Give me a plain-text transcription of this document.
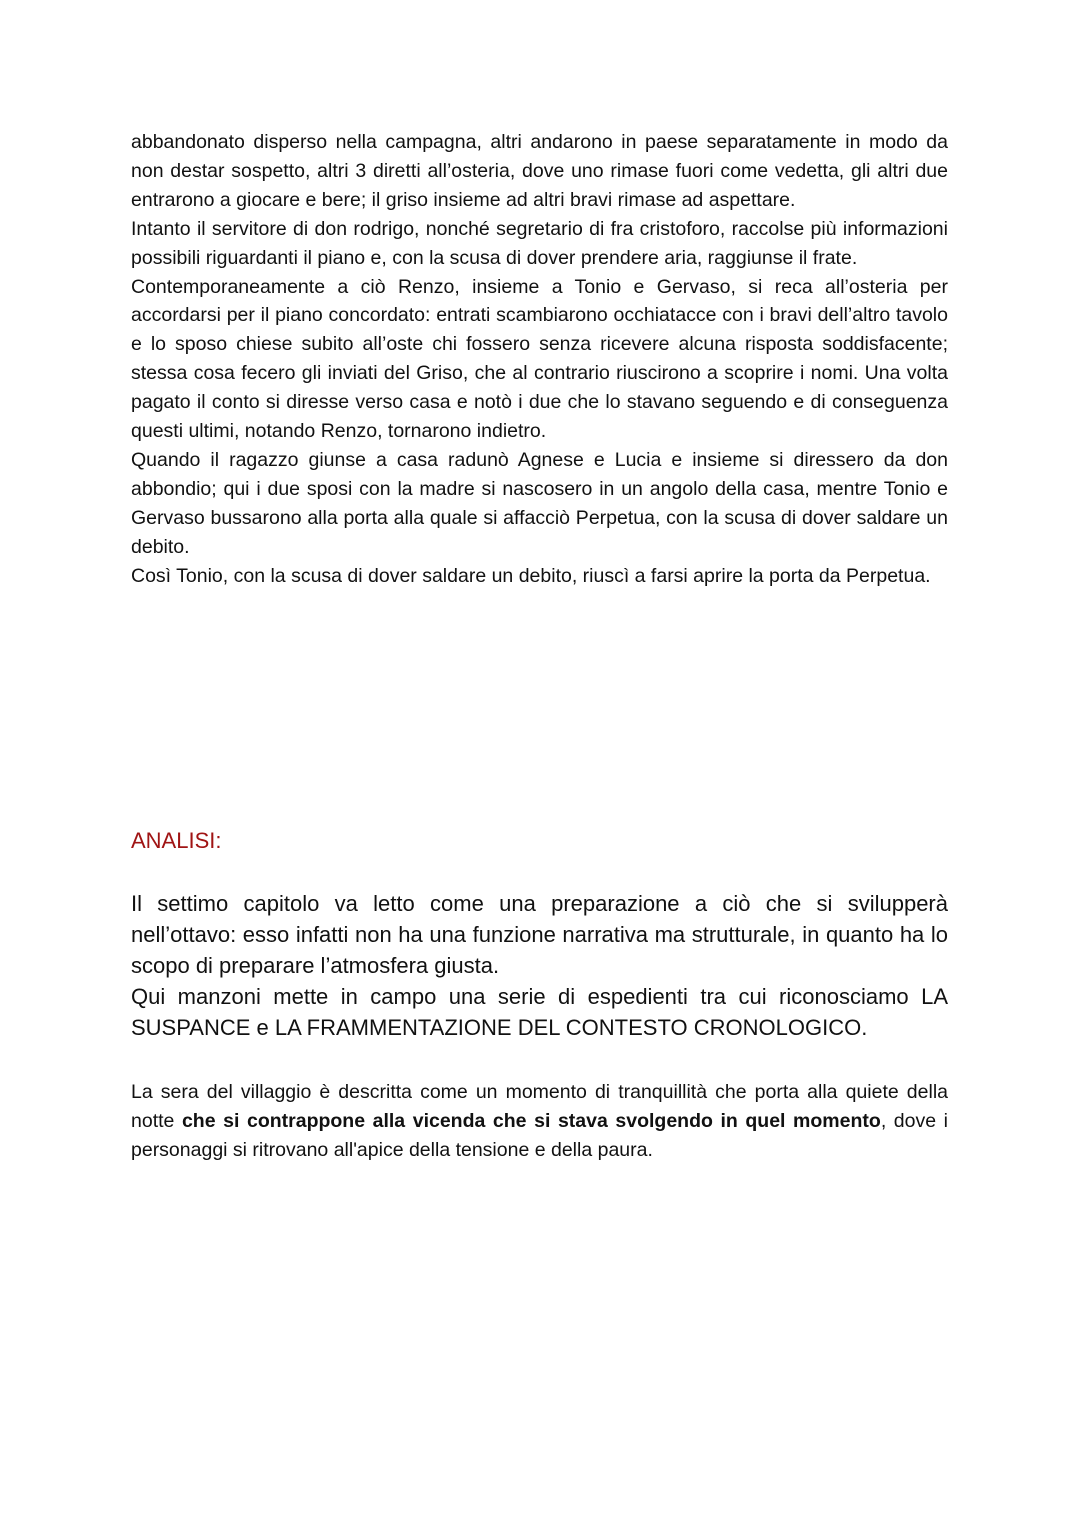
abbandonato disperso nella campagna, altri andarono in paese separatamente in modo da non destar sospetto, altri 3 diretti all’osteria, dove uno rimase fuori come vedetta, gli altri due entrarono a giocare e bere; il griso insieme ad altri bravi rimase ad aspettare.

Intanto il servitore di don rodrigo, nonché segretario di fra cristoforo, raccolse più informazioni possibili riguardanti il piano e, con la scusa di dover prendere aria, raggiunse il frate.

Contemporaneamente a ciò Renzo, insieme a Tonio e Gervaso, si reca all’osteria per accordarsi per il piano concordato: entrati scambiarono occhiatacce con i bravi dell’altro tavolo e lo sposo chiese subito all’oste chi fossero senza ricevere alcuna risposta soddisfacente; stessa cosa fecero gli inviati del Griso, che al contrario riuscirono a scoprire i nomi. Una volta pagato il conto si diresse verso casa e notò i due che lo stavano seguendo e di conseguenza questi ultimi, notando Renzo, tornarono indietro.

Quando il ragazzo giunse a casa radunò Agnese e Lucia e insieme si diressero da don abbondio; qui i due sposi con la madre si nascosero in un angolo della casa, mentre Tonio e Gervaso bussarono alla porta alla quale si affacciò Perpetua, con la scusa di dover saldare un debito.

Così Tonio, con la scusa di dover saldare un debito, riuscì a farsi aprire la porta da Perpetua.

ANALISI:

Il settimo capitolo va letto come una preparazione a ciò che si svilupperà nell’ottavo: esso infatti non ha una funzione narrativa ma strutturale, in quanto ha lo scopo di preparare l’atmosfera giusta.

Qui manzoni mette in campo una serie di espedienti tra cui riconosciamo LA SUSPANCE e LA FRAMMENTAZIONE DEL CONTESTO CRONOLOGICO.

La sera del villaggio è descritta come un momento di tranquillità che porta alla quiete della notte che si contrappone alla vicenda che si stava svolgendo in quel momento, dove i personaggi si ritrovano all'apice della tensione e della paura.
